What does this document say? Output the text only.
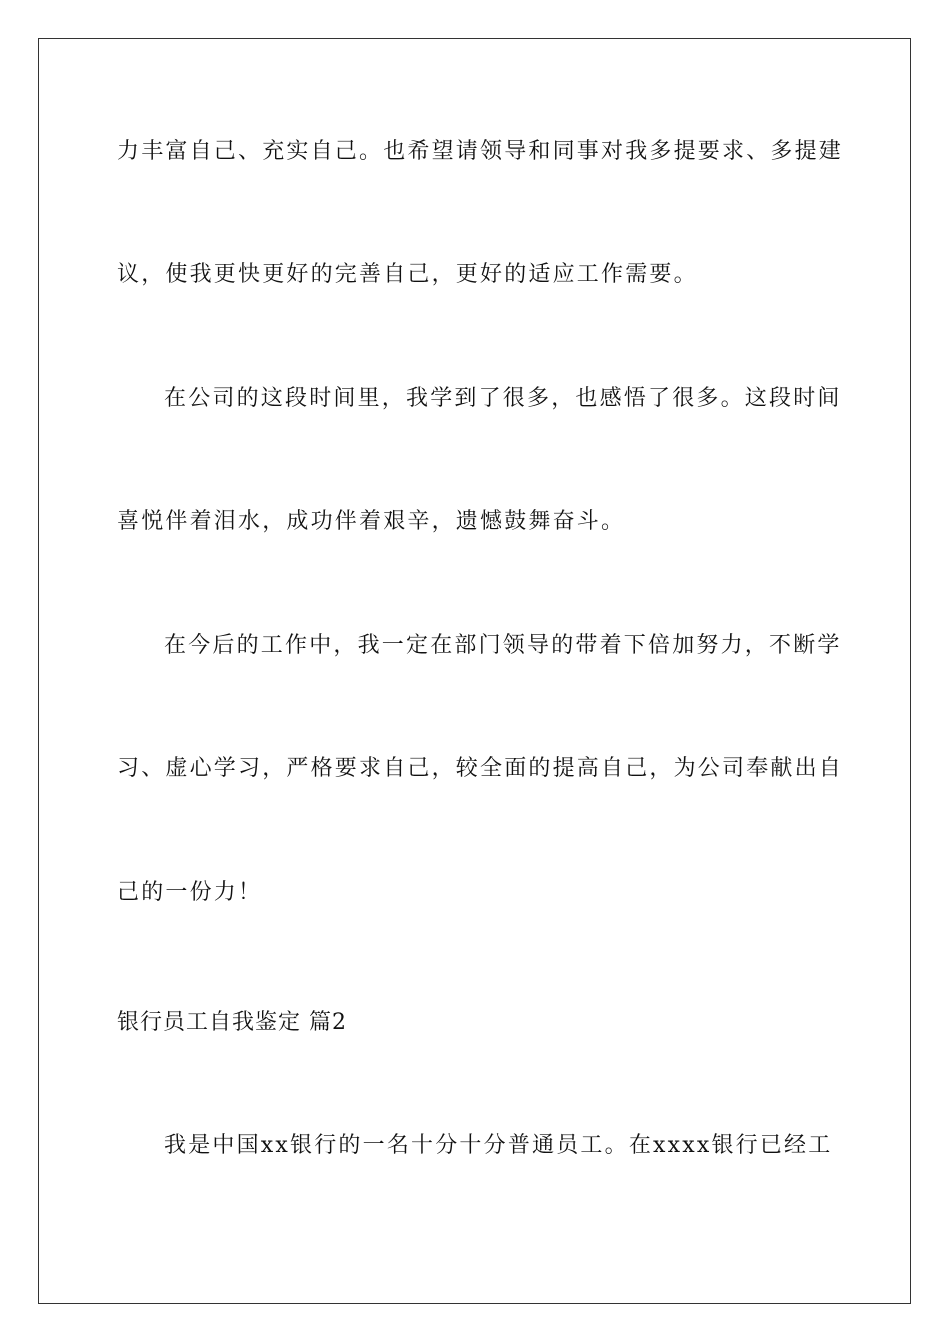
力丰富自己、充实自己。也希望请领导和同事对我多提要求、多提建
议，使我更快更好的完善自己，更好的适应工作需要。
在公司的这段时间里，我学到了很多，也感悟了很多。这段时间
喜悦伴着泪水，成功伴着艰辛，遗憾鼓舞奋斗。
在今后的工作中，我一定在部门领导的带着下倍加努力，不断学
习、虚心学习，严格要求自己，较全面的提高自己，为公司奉献出自
己的一份力！
银行员工自我鉴定 篇2
我是中国xx银行的一名十分十分普通员工。在xxxx银行已经工
